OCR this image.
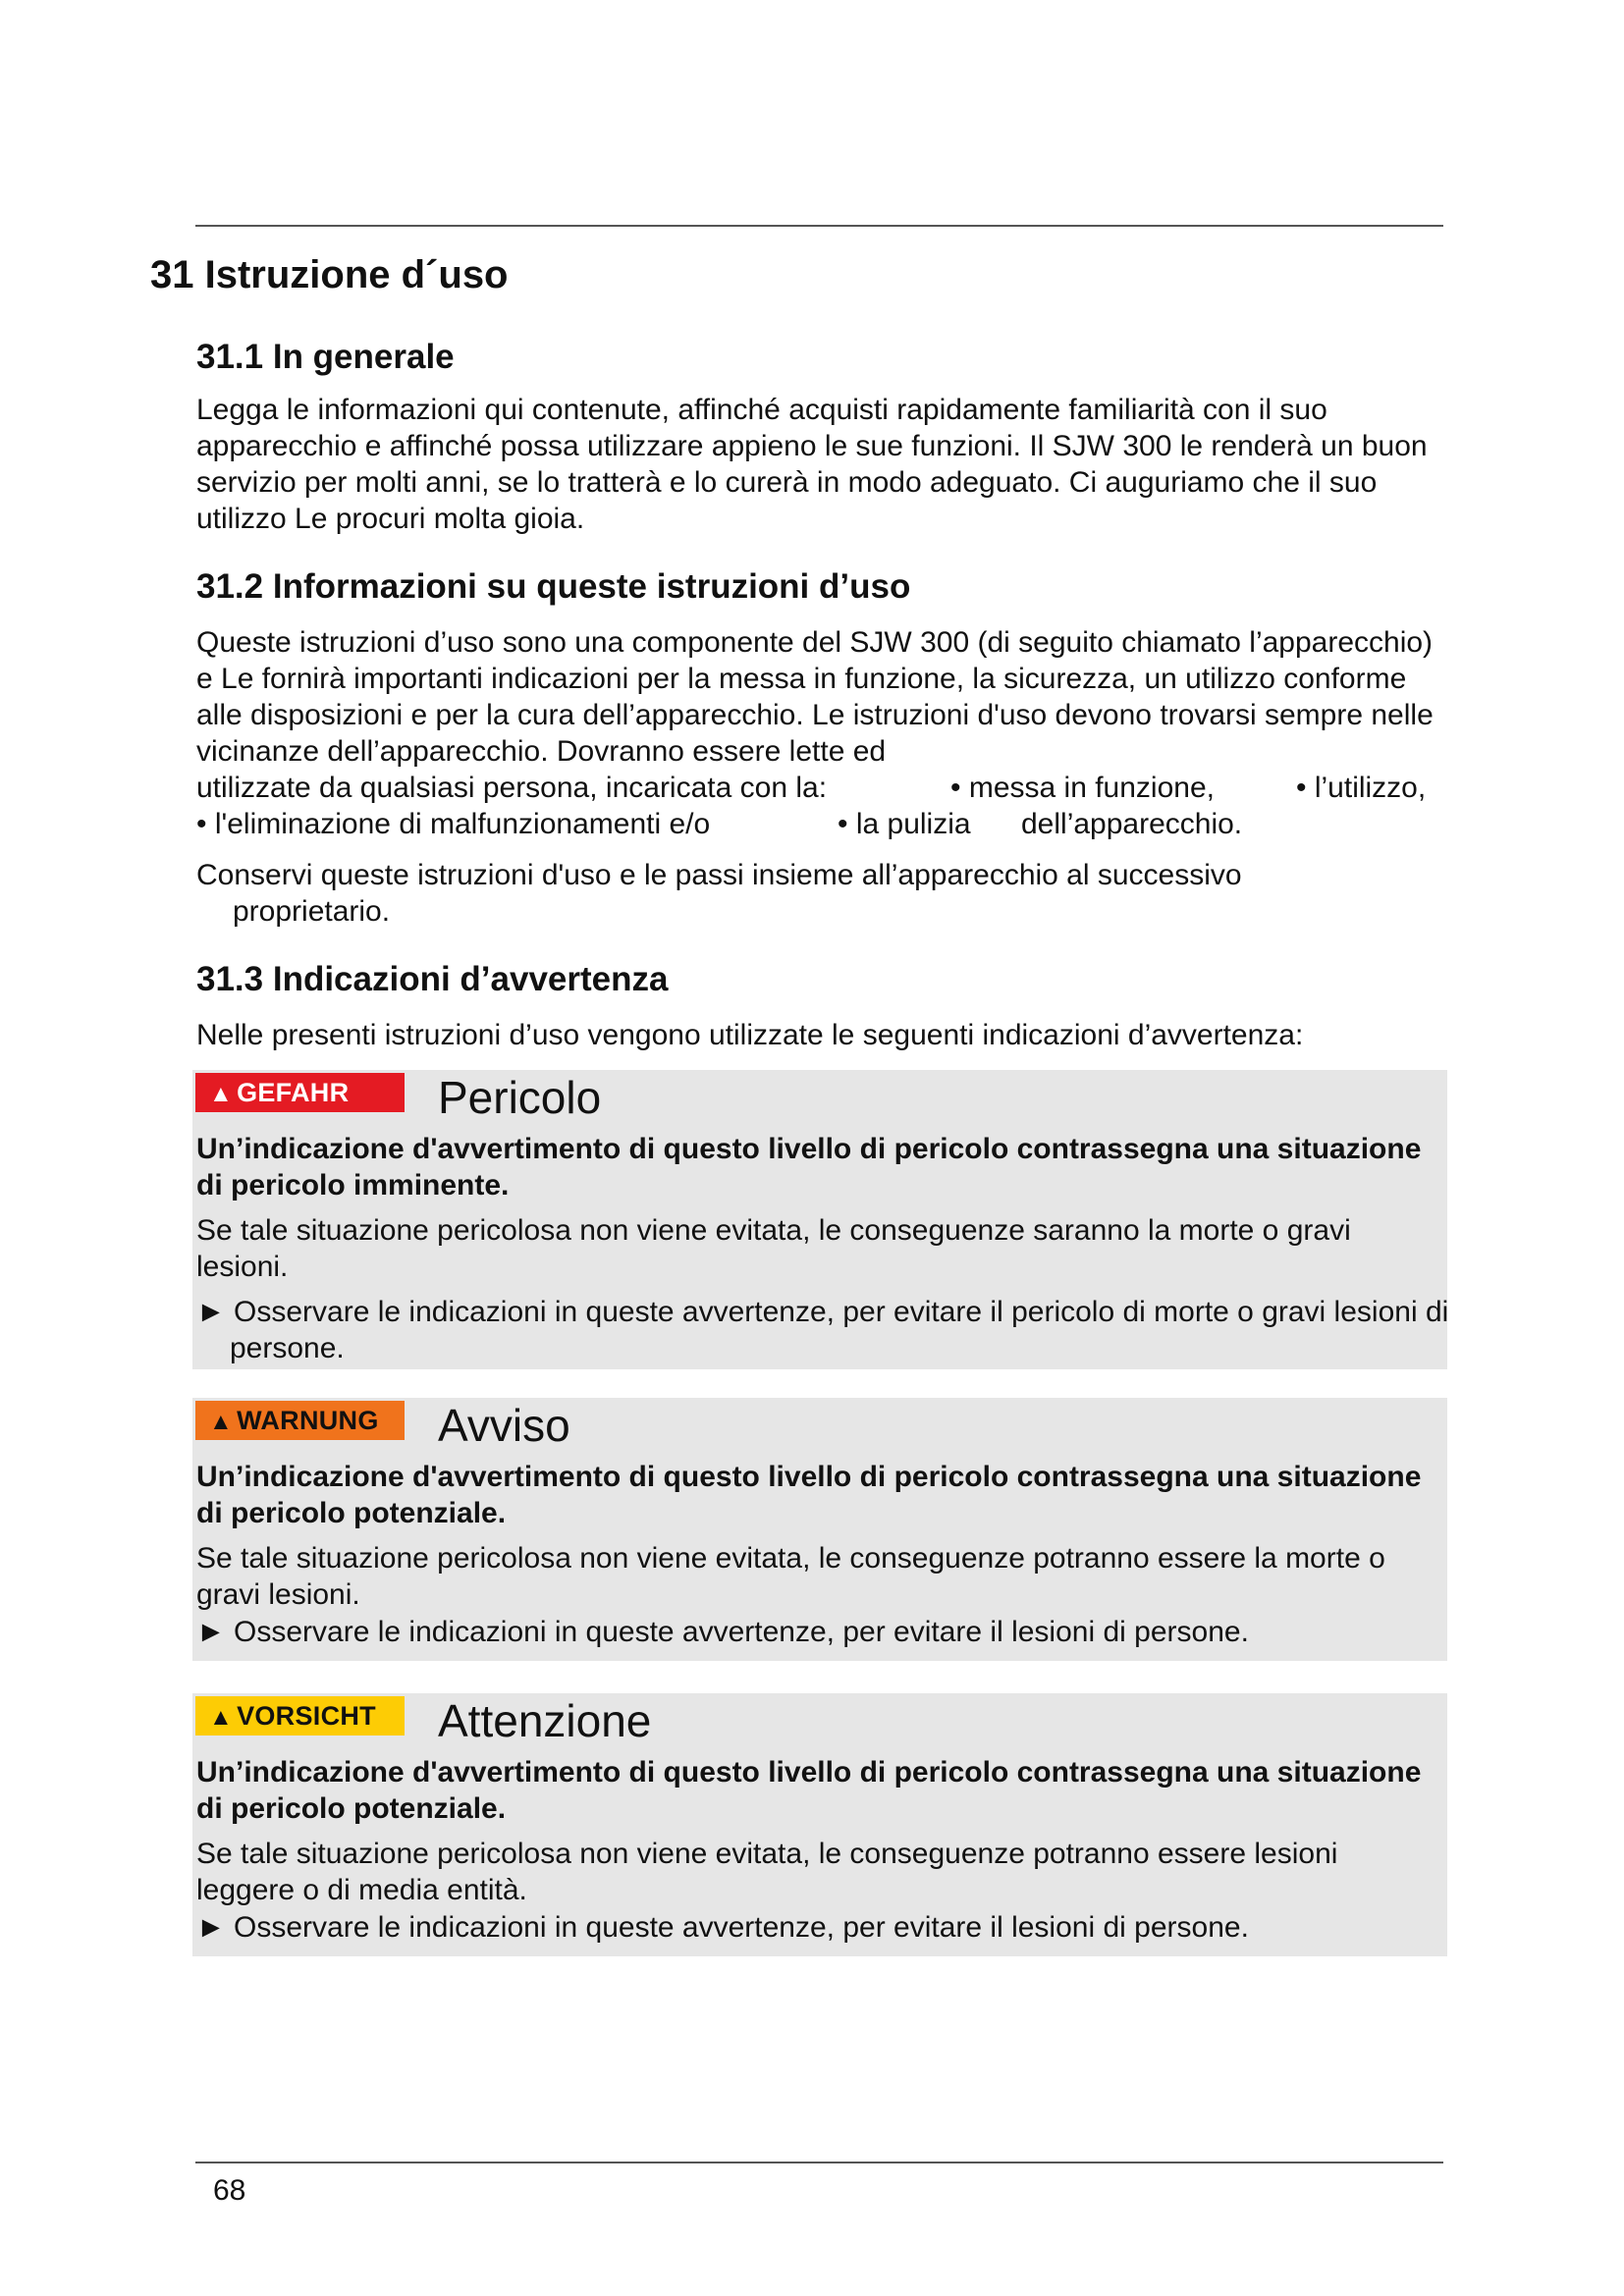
31 Istruzione d´uso
31.1 In generale

Legga le informazioni qui contenute, affinché acquisti rapidamente familiarità con il suo apparecchio e affinché possa utilizzare appieno le sue funzioni. Il SJW 300 le renderà un buon servizio per molti anni, se lo tratterà e lo curerà in modo adeguato. Ci auguriamo che il suo utilizzo Le procuri molta gioia.

31.2 Informazioni su queste istruzioni d’uso

Queste istruzioni d’uso sono una componente del SJW 300 (di seguito chiamato l’apparecchio) e Le fornirà importanti indicazioni per la messa in funzione, la sicurezza, un utilizzo conforme alle disposizioni e per la cura dell’apparecchio. Le istruzioni d'uso devono trovarsi sempre nelle vicinanze dell’apparecchio. Dovranno essere lette ed

utilizzate da qualsiasi persona, incaricata con la:	• messa in funzione,	• l’utilizzo,
• l'eliminazione di malfunzionamenti e/o	• la pulizia dell’apparecchio.
Conservi queste istruzioni d'uso e le passi insieme all’apparecchio al successivo
proprietario.
31.3 Indicazioni d’avvertenza
Nelle presenti istruzioni d’uso vengono utilizzate le seguenti indicazioni d’avvertenza:
▲ GEFAHR	Pericolo

Un’indicazione d'avvertimento di questo livello di pericolo contrassegna una situazione di pericolo imminente.

Se tale situazione pericolosa non viene evitata, le conseguenze saranno la morte o gravi lesioni.

► Osservare le indicazioni in queste avvertenze, per evitare il pericolo di morte o gravi lesioni di persone.

▲ WARNUNG	Avviso

Un’indicazione d'avvertimento di questo livello di pericolo contrassegna una situazione di pericolo potenziale.

Se tale situazione pericolosa non viene evitata, le conseguenze potranno essere la morte o gravi lesioni.

► Osservare le indicazioni in queste avvertenze, per evitare il lesioni di persone.

▲ VORSICHT	Attenzione

Un’indicazione d'avvertimento di questo livello di pericolo contrassegna una situazione di pericolo potenziale.

Se tale situazione pericolosa non viene evitata, le conseguenze potranno essere lesioni leggere o di media entità.

► Osservare le indicazioni in queste avvertenze, per evitare il lesioni di persone.

68
